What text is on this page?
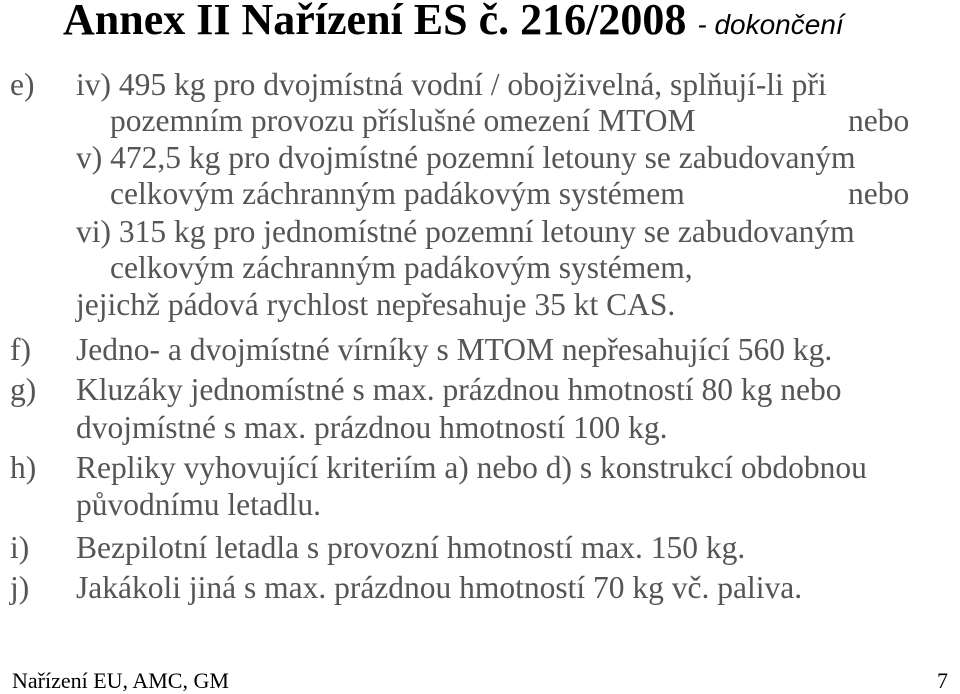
Annex II Nařízení ES č. 216/2008 - dokončení
e) iv) 495 kg pro dvojmístná vodní / obojživelná, splňují-li při
pozemním provozu příslušné omezení MTOM	nebo
v) 472,5 kg pro dvojmístné pozemní letouny se zabudovaným
celkovým záchranným padákovým systémem	nebo
vi) 315 kg pro jednomístné pozemní letouny se zabudovaným
celkovým záchranným padákovým systémem,
jejichž pádová rychlost nepřesahuje 35 kt CAS.
f) Jedno- a dvojmístné vírníky s MTOM nepřesahující 560 kg.
g) Kluzáky jednomístné s max. prázdnou hmotností 80 kg nebo
dvojmístné s max. prázdnou hmotností 100 kg.
h) Repliky vyhovující kriteriím a) nebo d) s konstrukcí obdobnou
původnímu letadlu.
i) Bezpilotní letadla s provozní hmotností max. 150 kg.
j) Jakákoli jiná s max. prázdnou hmotností 70 kg vč. paliva.
Nařízení EU, AMC, GM	7
